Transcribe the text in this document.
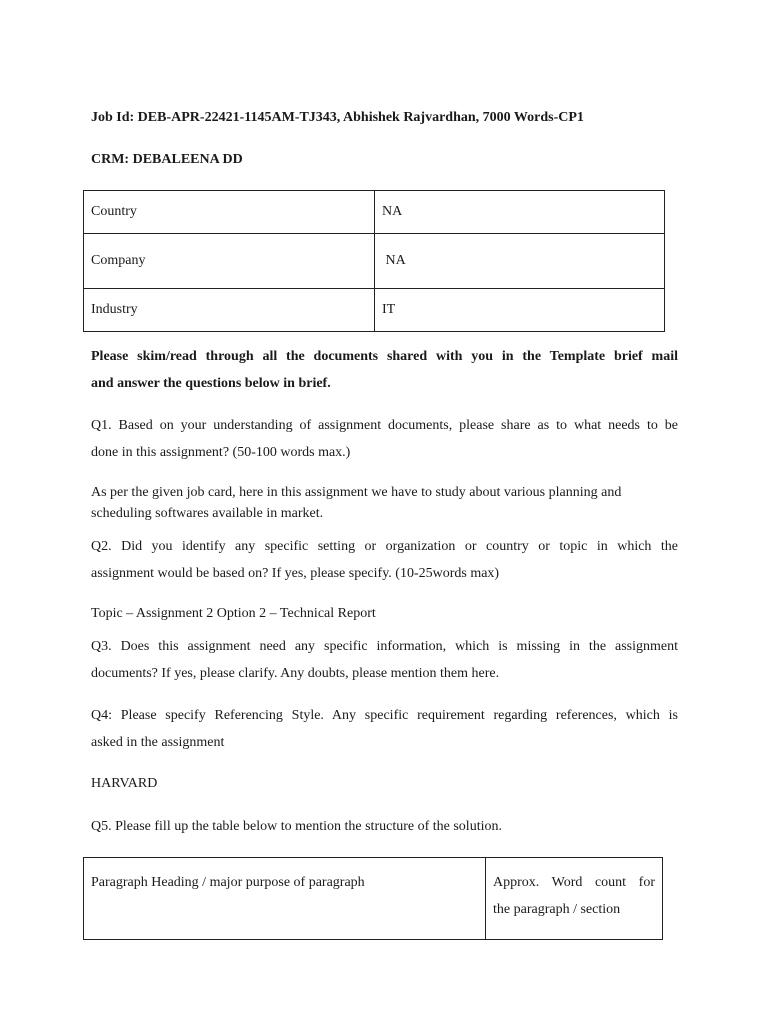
Job Id: DEB-APR-22421-1145AM-TJ343, Abhishek Rajvardhan, 7000 Words-CP1
CRM: DEBALEENA DD
Country	NA
Company	NA
Industry	IT
Please skim/read through all the documents shared with you in the Template brief mail
and answer the questions below in brief.
Q1. Based on your understanding of assignment documents, please share as to what needs to be
done in this assignment? (50-100 words max.)
As per the given job card, here in this assignment we have to study about various planning and
scheduling softwares available in market.
Q2. Did you identify any specific setting or organization or country or topic in which the
assignment would be based on? If yes, please specify. (10-25words max)
Topic – Assignment 2 Option 2 – Technical Report
Q3. Does this assignment need any specific information, which is missing in the assignment
documents? If yes, please clarify. Any doubts, please mention them here.
Q4: Please specify Referencing Style. Any specific requirement regarding references, which is
asked in the assignment
HARVARD
Q5. Please fill up the table below to mention the structure of the solution.
Paragraph Heading / major purpose of paragraph	Approx.  Word  count  for
the paragraph / section
